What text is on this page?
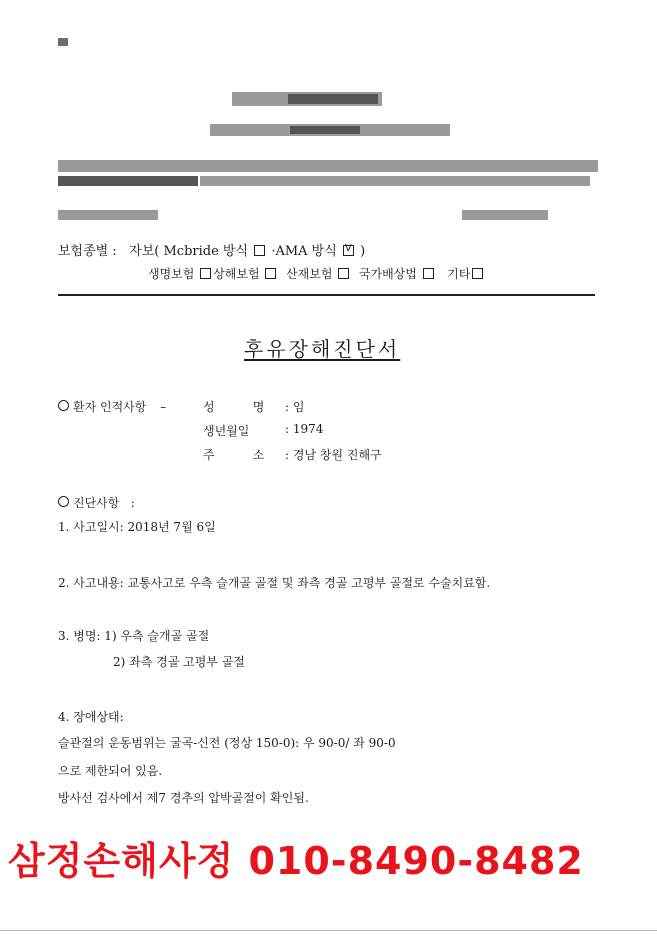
보험종별 : 자보( Mcbride 방식 ·AMA 방식 V )
생명보험 상해보험 산재보험 국가배상법	기타
후유장해진단서
환자 인적사항 –	성          명 : 임
생년월일	: 1974
주          소 : 경남 창원 진해구
진단사항   :
1. 사고일시: 2018년 7월 6일
2. 사고내용: 교통사고로 우측 슬개골 골절 및 좌측 경골 고평부 골절로 수술치료함.
3. 병명: 1) 우측 슬개골 골절
2) 좌측 경골 고평부 골절
4. 장애상태:
슬관절의 운동범위는 굴곡-신전 (정상 150-0): 우 90-0/ 좌 90-0
으로 제한되어 있음.
방사선 검사에서 제7 경추의 압박골절이 확인됨.
삼정손해사정 010-8490-8482
